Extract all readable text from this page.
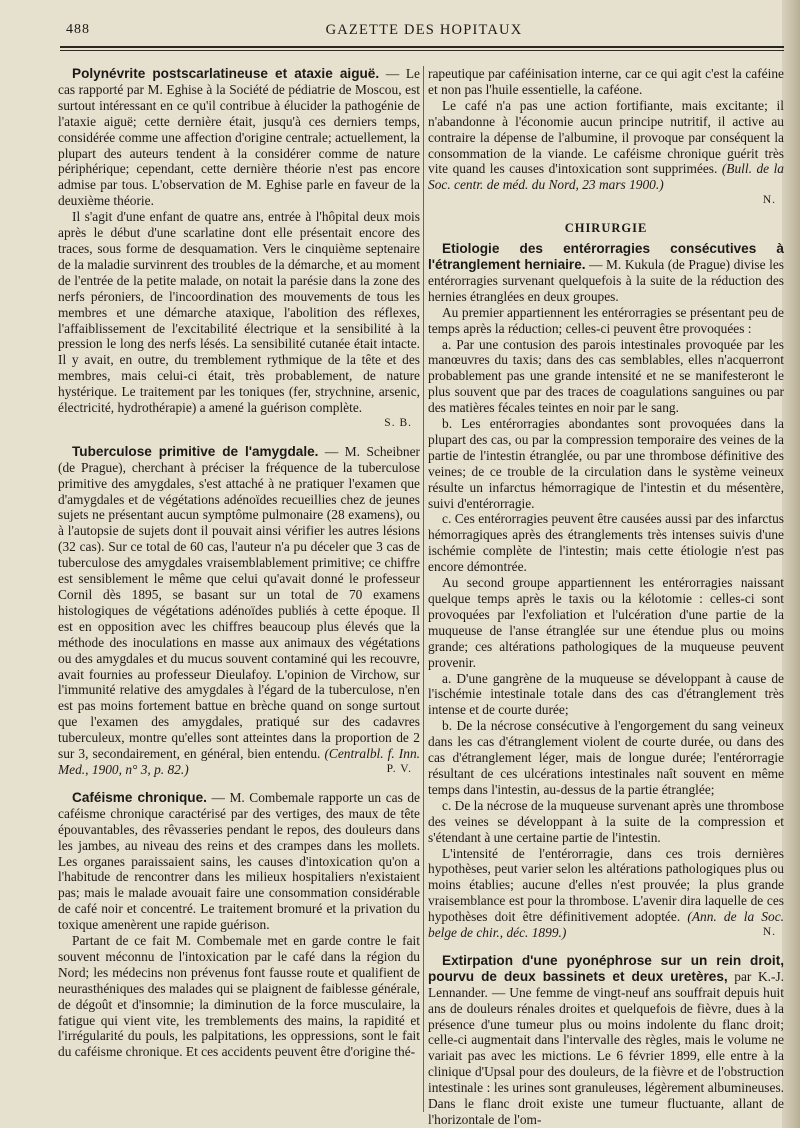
488	GAZETTE DES HOPITAUX

Polynévrite postscarlatineuse et ataxie aiguë. — Le cas rapporté par M. Eghise à la Société de pédiatrie de Moscou, est surtout intéressant en ce qu'il contribue à élucider la pathogénie de l'ataxie aiguë; cette dernière était, jusqu'à ces derniers temps, considérée comme une affection d'origine centrale; actuellement, la plupart des auteurs tendent à la considérer comme de nature périphérique; cependant, cette dernière théorie n'est pas encore admise par tous. L'observation de M. Eghise parle en faveur de la deuxième théorie.

Il s'agit d'une enfant de quatre ans, entrée à l'hôpital deux mois après le début d'une scarlatine dont elle présentait encore des traces, sous forme de desquamation. Vers le cinquième septenaire de la maladie survinrent des troubles de la démarche, et au moment de l'entrée de la petite malade, on notait la parésie dans la zone des nerfs péroniers, de l'incoordination des mouvements de tous les membres et une démarche ataxique, l'abolition des réflexes, l'affaiblissement de l'excitabilité électrique et la sensibilité à la pression le long des nerfs lésés. La sensibilité cutanée était intacte. Il y avait, en outre, du tremblement rythmique de la tête et des membres, mais celui-ci était, très probablement, de nature hystérique. Le traitement par les toniques (fer, strychnine, arsenic, électricité, hydrothérapie) a amené la guérison complète.

S. B.

Tuberculose primitive de l'amygdale. — M. Scheibner (de Prague), cherchant à préciser la fréquence de la tuberculose primitive des amygdales, s'est attaché à ne pratiquer l'examen que d'amygdales et de végétations adénoïdes recueillies chez de jeunes sujets ne présentant aucun symptôme pulmonaire (28 examens), ou à l'autopsie de sujets dont il pouvait ainsi vérifier les autres lésions (32 cas). Sur ce total de 60 cas, l'auteur n'a pu déceler que 3 cas de tuberculose des amygdales vraisemblablement primitive; ce chiffre est sensiblement le même que celui qu'avait donné le professeur Cornil dès 1895, se basant sur un total de 70 examens histologiques de végétations adénoïdes publiés à cette époque. Il est en opposition avec les chiffres beaucoup plus élevés que la méthode des inoculations en masse aux animaux des végétations ou des amygdales et du mucus souvent contaminé qui les recouvre, avait fournies au professeur Dieulafoy. L'opinion de Virchow, sur l'immunité relative des amygdales à l'égard de la tuberculose, n'en est pas moins fortement battue en brèche quand on songe surtout que l'examen des amygdales, pratiqué sur des cadavres tuberculeux, montre qu'elles sont atteintes dans la proportion de 2 sur 3, secondairement, en général, bien entendu. (Centralbl. f. Inn. Med., 1900, n° 3, p. 82.)	P. V.

Caféisme chronique. — M. Combemale rapporte un cas de caféisme chronique caractérisé par des vertiges, des maux de tête épouvantables, des rêvasseries pendant le repos, des douleurs dans les jambes, au niveau des reins et des crampes dans les mollets. Les organes paraissaient sains, les causes d'intoxication qu'on a l'habitude de rencontrer dans les milieux hospitaliers n'existaient pas; mais le malade avouait faire une consommation considérable de café noir et concentré. Le traitement bromuré et la privation du toxique amenèrent une rapide guérison.

Partant de ce fait M. Combemale met en garde contre le fait souvent méconnu de l'intoxication par le café dans la région du Nord; les médecins non prévenus font fausse route et qualifient de neurasthéniques des malades qui se plaignent de faiblesse générale, de dégoût et d'insomnie; la diminution de la force musculaire, la fatigue qui vient vite, les tremblements des mains, la rapidité et l'irrégularité du pouls, les palpitations, les oppressions, sont le fait du caféisme chronique. Et ces accidents peuvent être d'origine thé-

rapeutique par caféinisation interne, car ce qui agit c'est la caféine et non pas l'huile essentielle, la caféone.

Le café n'a pas une action fortifiante, mais excitante; il n'abandonne à l'économie aucun principe nutritif, il active au contraire la dépense de l'albumine, il provoque par conséquent la consommation de la viande. Le caféisme chronique guérit très vite quand les causes d'intoxication sont supprimées. (Bull. de la Soc. centr. de méd. du Nord, 23 mars 1900.)

N.
CHIRURGIE

Etiologie des entérorragies consécutives à l'étranglement herniaire. — M. Kukula (de Prague) divise les entérorragies survenant quelquefois à la suite de la réduction des hernies étranglées en deux groupes.

Au premier appartiennent les entérorragies se présentant peu de temps après la réduction; celles-ci peuvent être provoquées :

a. Par une contusion des parois intestinales provoquée par les manœuvres du taxis; dans des cas semblables, elles n'acquerront probablement pas une grande intensité et ne se manifesteront le plus souvent que par des traces de coagulations sanguines ou par des matières fécales teintes en noir par le sang.

b. Les entérorragies abondantes sont provoquées dans la plupart des cas, ou par la compression temporaire des veines de la partie de l'intestin étranglée, ou par une thrombose définitive des veines; de ce trouble de la circulation dans le système veineux résulte un infarctus hémorragique de l'intestin et du mésentère, suivi d'entérorragie.

c. Ces entérorragies peuvent être causées aussi par des infarctus hémorragiques après des étranglements très intenses suivis d'une ischémie complète de l'intestin; mais cette étiologie n'est pas encore démontrée.

Au second groupe appartiennent les entérorragies naissant quelque temps après le taxis ou la kélotomie : celles-ci sont provoquées par l'exfoliation et l'ulcération d'une partie de la muqueuse de l'anse étranglée sur une étendue plus ou moins grande; ces altérations pathologiques de la muqueuse peuvent provenir.

a. D'une gangrène de la muqueuse se développant à cause de l'ischémie intestinale totale dans des cas d'étranglement très intense et de courte durée;

b. De la nécrose consécutive à l'engorgement du sang veineux dans les cas d'étranglement violent de courte durée, ou dans des cas d'étranglement léger, mais de longue durée; l'entérorragie résultant de ces ulcérations intestinales naît souvent en même temps dans l'intestin, au-dessus de la partie étranglée;

c. De la nécrose de la muqueuse survenant après une thrombose des veines se développant à la suite de la compression et s'étendant à une certaine partie de l'intestin.

L'intensité de l'entérorragie, dans ces trois dernières hypothèses, peut varier selon les altérations pathologiques plus ou moins établies; aucune d'elles n'est prouvée; la plus grande vraisemblance est pour la thrombose. L'avenir dira laquelle de ces hypothèses doit être définitivement adoptée. (Ann. de la Soc. belge de chir., déc. 1899.)	N.

Extirpation d'une pyonéphrose sur un rein droit, pourvu de deux bassinets et deux uretères, par K.-J. Lennander. — Une femme de vingt-neuf ans souffrait depuis huit ans de douleurs rénales droites et quelquefois de fièvre, dues à la présence d'une tumeur plus ou moins indolente du flanc droit; celle-ci augmentait dans l'intervalle des règles, mais le volume ne variait pas avec les mictions. Le 6 février 1899, elle entre à la clinique d'Upsal pour des douleurs, de la fièvre et de l'obstruction intestinale : les urines sont granuleuses, légèrement albumineuses. Dans le flanc droit existe une tumeur fluctuante, allant de l'horizontale de l'om-
